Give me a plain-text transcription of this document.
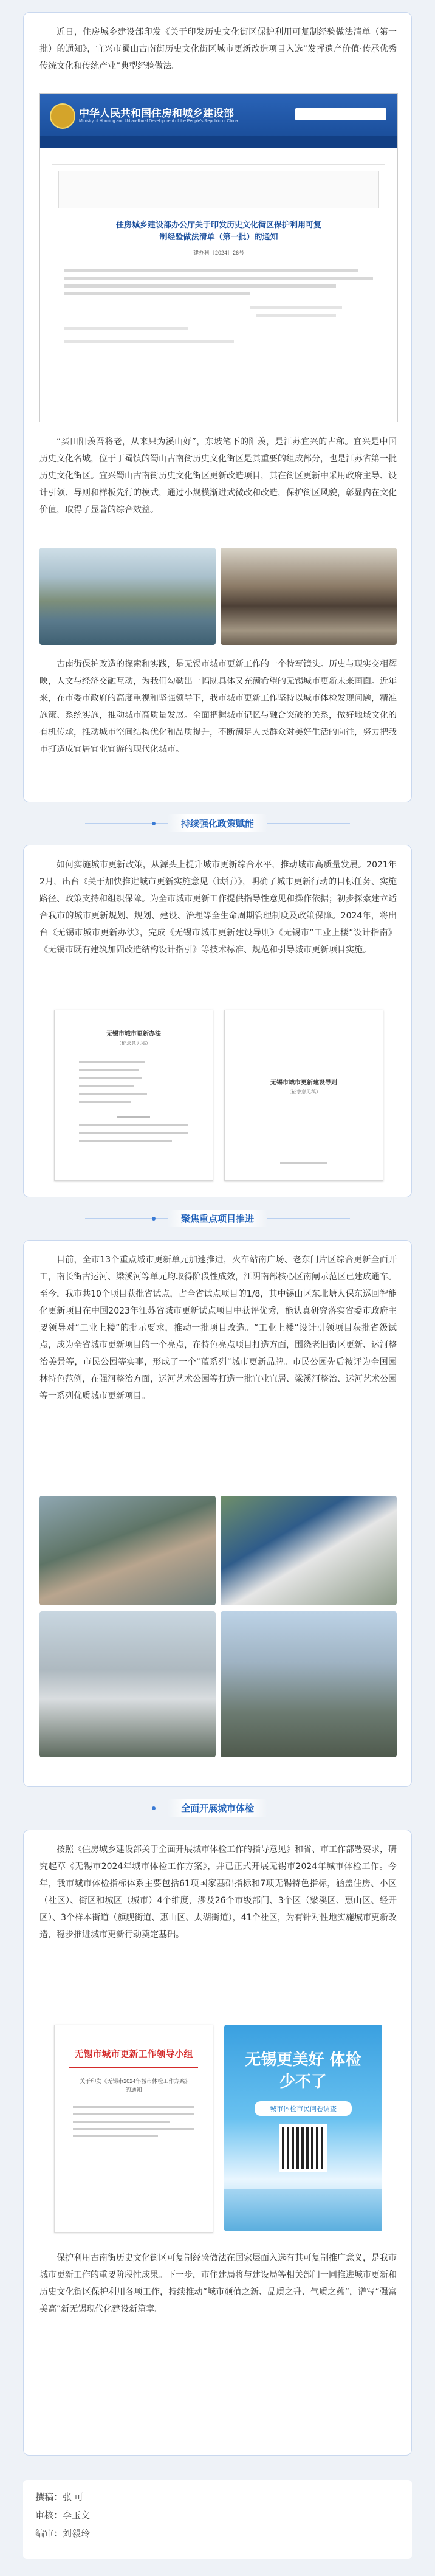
近日，住房城乡建设部印发《关于印发历史文化街区保护利用可复制经验做法清单（第一批）的通知》，宜兴市蜀山古南街历史文化街区城市更新改造项目入选“发挥遗产价值·传承优秀传统文化和传统产业”典型经验做法。

中华人民共和国住房和城乡建设部
Ministry of Housing and Urban-Rural Development of the People's Republic of China
住房城乡建设部办公厅关于印发历史文化街区保护利用可复制经验做法清单（第一批）的通知
建办科〔2024〕26号

“买田阳羡吾将老，从来只为溪山好”，东坡笔下的阳羡，是江苏宜兴的古称。宜兴是中国历史文化名城，位于丁蜀镇的蜀山古南街历史文化街区是其重要的组成部分，也是江苏省第一批历史文化街区。宜兴蜀山古南街历史文化街区更新改造项目，其在街区更新中采用政府主导、设计引领、导则和样板先行的模式，通过小规模渐进式微改和改造，保护街区风貌，彰显内在文化价值，取得了显著的综合效益。

古南街保护改造的探索和实践，是无锡市城市更新工作的一个特写镜头。历史与现实交相辉映，人文与经济交融互动，为我们勾勒出一幅既具体又充满希望的无锡城市更新未来画面。近年来，在市委市政府的高度重视和坚强领导下，我市城市更新工作坚持以城市体检发现问题，精准施策、系统实施，推动城市高质量发展。全面把握城市记忆与融合突破的关系，做好地域文化的有机传承，推动城市空间结构优化和品质提升，不断满足人民群众对美好生活的向往，努力把我市打造成宜居宜业宜游的现代化城市。

持续强化政策赋能

如何实施城市更新政策，从源头上提升城市更新综合水平，推动城市高质量发展。2021年2月，出台《关于加快推进城市更新实施意见（试行）》，明确了城市更新行动的目标任务、实施路径、政策支持和组织保障。为全市城市更新工作提供指导性意见和操作依据；初步探索建立适合我市的城市更新规划、规划、建设、治理等全生命周期管理制度及政策保障。2024年，将出台《无锡市城市更新办法》，完成《无锡市城市更新建设导则》《无锡市“工业上楼”设计指南》《无锡市既有建筑加固改造结构设计指引》等技术标准、规范和引导城市更新项目实施。

无锡市城市更新办法
（征求意见稿）
无锡市城市更新建设导则
（征求意见稿）
聚焦重点项目推进

目前，全市13个重点城市更新单元加速推进，火车站南广场、老东门片区综合更新全面开工，南长街古运河、梁溪河等单元均取得阶段性成效，江阴南部核心区南闸示范区已建成通车。至今，我市共10个项目获批省试点，占全省试点项目的1/8，其中锡山区东北塘人保东巡回智能化更新项目在中国2023年江苏省城市更新试点项目中获评优秀，能认真研究落实省委市政府主要领导对“工业上楼”的批示要求，推动一批项目改造。“工业上楼”设计引领项目获批省级试点，成为全省城市更新项目的一个亮点，在特色亮点项目打造方面，围绕老旧街区更新、运河整治美景等，市民公园等实事，形成了一个“蓝系列”城市更新品牌。市民公园先后被评为全国园林特色范例，在强河整治方面，运河艺术公园等打造一批宜业宜居、梁溪河整治、运河艺术公园等一系列优质城市更新项目。

全面开展城市体检

按照《住房城乡建设部关于全面开展城市体检工作的指导意见》和省、市工作部署要求，研究起草《无锡市2024年城市体检工作方案》，并已正式开展无锡市2024年城市体检工作。今年，我市城市体检指标体系主要包括61项国家基础指标和7项无锡特色指标，涵盖住房、小区（社区）、街区和城区（城市）4个维度，涉及26个市级部门、3个区（梁溪区、惠山区、经开区）、3个样本街道（旗舰街道、惠山区、太湖街道），41个社区，为有针对性地实施城市更新改造，稳步推进城市更新行动奠定基础。

无锡市城市更新工作领导小组
关于印发《无锡市2024年城市体检工作方案》的通知
无锡更美好 体检少不了
城市体检市民问卷调查

保护利用古南街历史文化街区可复制经验做法在国家层面入选有其可复制推广意义，是我市城市更新工作的重要阶段性成果。下一步，市住建局将与建设局等相关部门一同推进城市更新和历史文化街区保护利用各项工作，持续推动“城市颜值之新、品质之升、气质之蕴”，谱写“强富美高”新无锡现代化建设新篇章。

撰稿：张 可
审核：李玉文
编审：刘毅玲
